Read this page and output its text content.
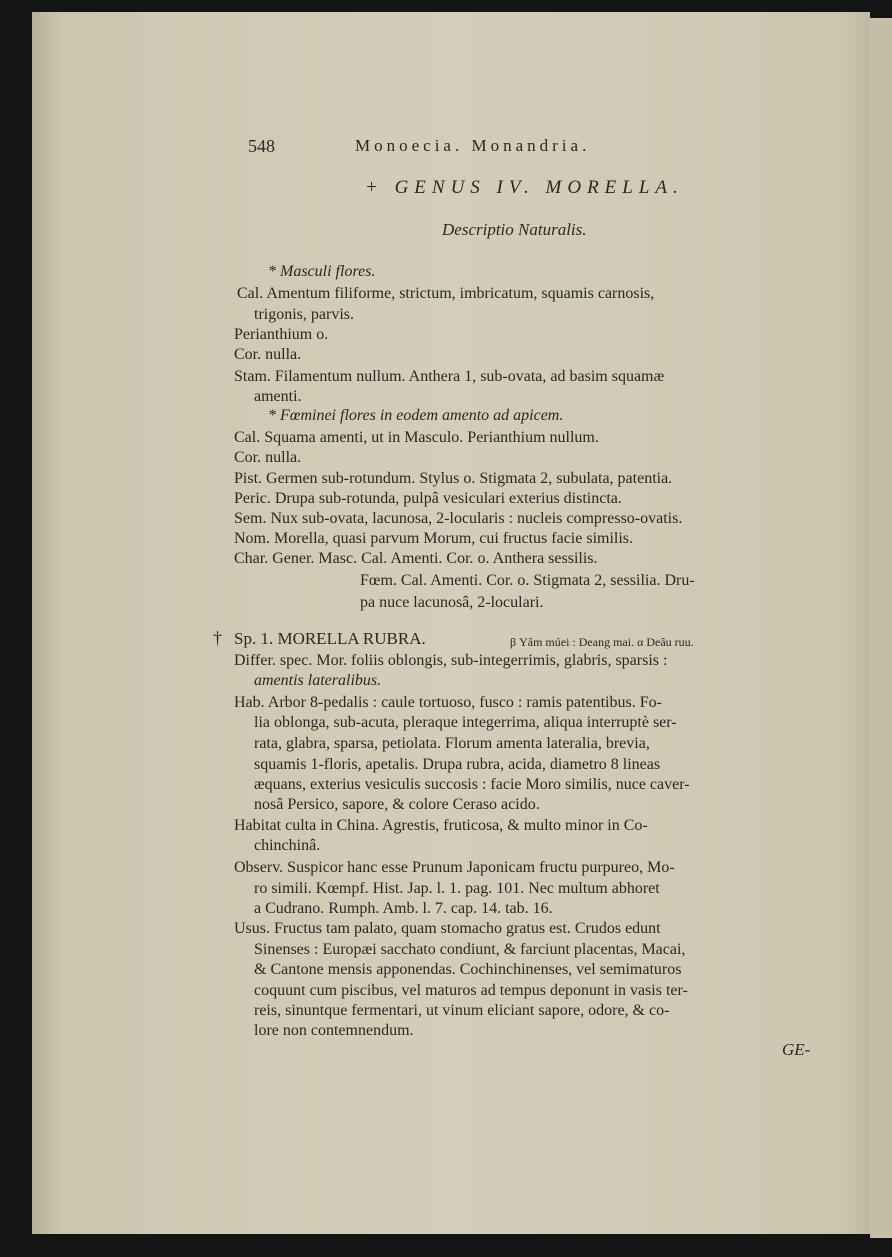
548	Monoecia. Monandria.
+ GENUS IV. MORELLA.
Descriptio Naturalis.
* Masculi flores.
Cal. Amentum filiforme, strictum, imbricatum, squamis carnosis,
trigonis, parvis.
Perianthium o.
Cor. nulla.
Stam. Filamentum nullum. Anthera 1, sub-ovata, ad basim squamæ
amenti.
* Fœminei flores in eodem amento ad apicem.
Cal. Squama amenti, ut in Masculo. Perianthium nullum.
Cor. nulla.
Pist. Germen sub-rotundum. Stylus o. Stigmata 2, subulata, patentia.
Peric. Drupa sub-rotunda, pulpâ vesiculari exterius distincta.
Sem. Nux sub-ovata, lacunosa, 2-locularis : nucleis compresso-ovatis.
Nom. Morella, quasi parvum Morum, cui fructus facie similis.
Char. Gener. Masc. Cal. Amenti. Cor. o. Anthera sessilis.
Fœm. Cal. Amenti. Cor. o. Stigmata 2, sessilia. Dru-
pa nuce lacunosâ, 2-loculari.
† Sp. 1. MORELLA RUBRA.	β Yâm múei : Deang mai. α Deâu ruu.
Differ. spec. Mor. foliis oblongis, sub-integerrimis, glabris, sparsis :
amentis lateralibus.
Hab. Arbor 8-pedalis : caule tortuoso, fusco : ramis patentibus. Fo-
lia oblonga, sub-acuta, pleraque integerrima, aliqua interruptè ser-
rata, glabra, sparsa, petiolata. Florum amenta lateralia, brevia,
squamis 1-floris, apetalis. Drupa rubra, acida, diametro 8 lineas
æquans, exterius vesiculis succosis : facie Moro similis, nuce caver-
nosâ Persico, sapore, & colore Ceraso acido.
Habitat culta in China. Agrestis, fruticosa, & multo minor in Co-
chinchinâ.
Observ. Suspicor hanc esse Prunum Japonicam fructu purpureo, Mo-
ro simili. Kœmpf. Hist. Jap. l. 1. pag. 101. Nec multum abhoret
a Cudrano. Rumph. Amb. l. 7. cap. 14. tab. 16.
Usus. Fructus tam palato, quam stomacho gratus est. Crudos edunt
Sinenses : Europæi sacchato condiunt, & farciunt placentas, Macai,
& Cantone mensis apponendas. Cochinchinenses, vel semimaturos
coquunt cum piscibus, vel maturos ad tempus deponunt in vasis ter-
reis, sinuntque fermentari, ut vinum eliciant sapore, odore, & co-
lore non contemnendum.
GE-
